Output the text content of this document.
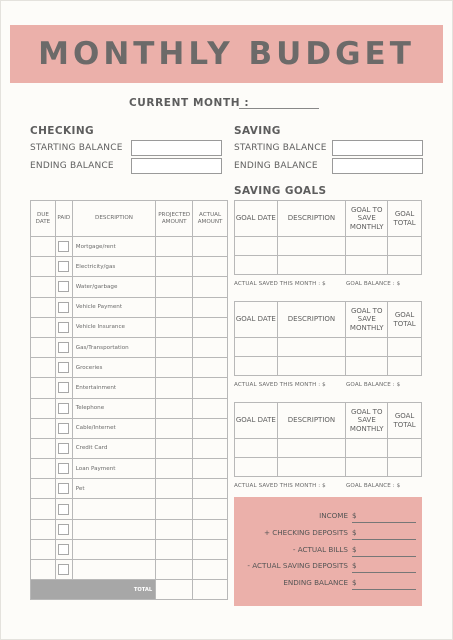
MONTHLY BUDGET
CURRENT MONTH :
CHECKING
STARTING BALANCE
ENDING BALANCE
SAVING
STARTING BALANCE
ENDING BALANCE
SAVING GOALS
DUE DATE	PAID	DESCRIPTION	PROJECTED AMOUNT	ACTUAL AMOUNT

	Mortgage/rent		

	Electricity/gas		

	Water/garbage		

	Vehicle Payment		

	Vehicle Insurance		

	Gas/Transportation		

	Groceries		

	Entertainment		

	Telephone		

	Cable/Internet		

	Credit Card		

	Loan Payment		

	Pet		

TOTAL				
GOAL DATE	DESCRIPTION	GOAL TO SAVE MONTHLY	GOAL TOTAL

ACTUAL SAVED THIS MONTH : $	GOAL BALANCE : $
GOAL DATE	DESCRIPTION	GOAL TO SAVE MONTHLY	GOAL TOTAL

ACTUAL SAVED THIS MONTH : $	GOAL BALANCE : $
GOAL DATE	DESCRIPTION	GOAL TO SAVE MONTHLY	GOAL TOTAL

ACTUAL SAVED THIS MONTH : $	GOAL BALANCE : $
INCOME $
+ CHECKING DEPOSITS $
- ACTUAL BILLS $
- ACTUAL SAVING DEPOSITS $
ENDING BALANCE $
